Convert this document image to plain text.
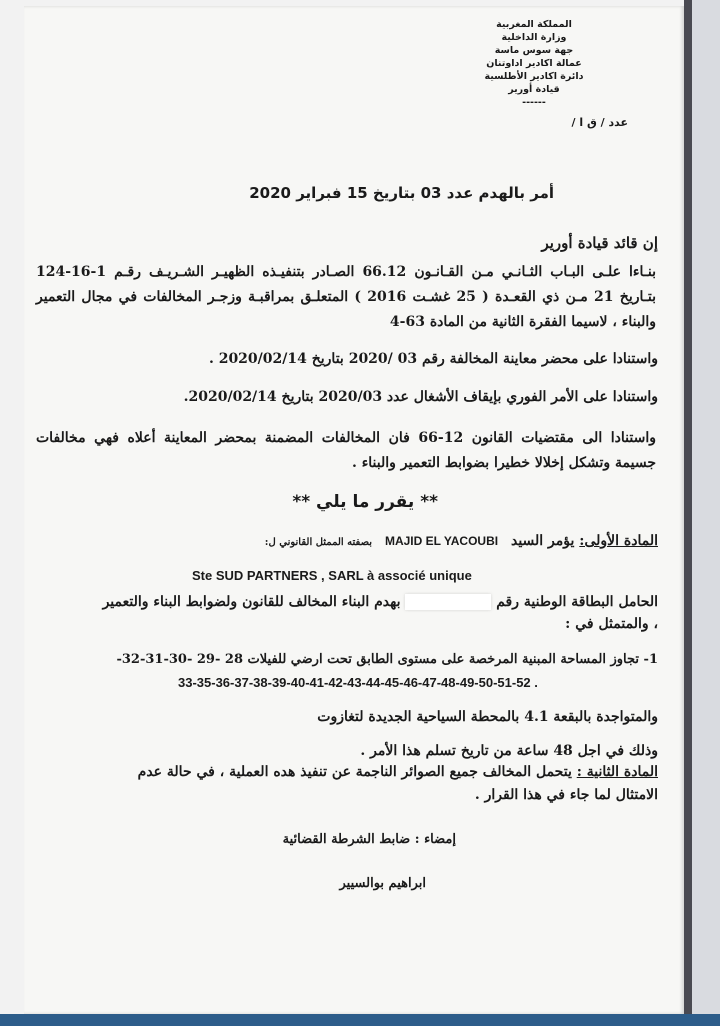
المملكة المغربية
وزارة الداخلية
جهة سوس ماسة
عمالة اكادير اداوتنان
دائرة اكادير الأطلسية
قيادة أورير
------
عدد / ق ا /
أمر بالهدم عدد 03 بتاريخ 15 فبراير 2020
إن قائد قيادة أورير
بنـاءا علـى البـاب الثـانـي مـن القـانـون 66.12 الصـادر بتنفيـذه الظهيـر الشـريـف رقـم 1-16-124 بتـاريخ 21 مـن ذي القعـدة ( 25 غشـت 2016 ) المتعلـق بمراقبـة وزجـر المخالفات في مجال التعمير والبناء ، لاسيما الفقرة الثانية من المادة 63-4
واستنادا على محضر معاينة المخالفة رقم 03 /2020 بتاريخ 2020/02/14 .
واستنادا على الأمر الفوري بإيقاف الأشغال عدد 2020/03 بتاريخ 2020/02/14.
واستنادا الى مقتضيات القانون 12-66 فان المخالفات المضمنة بمحضر المعاينة أعلاه فهي مخالفات جسيمة وتشكل إخلالا خطيرا بضوابط التعمير والبناء .
** يقرر ما يلي **
المادة الأولى: يؤمر السيد MAJID EL YACOUBI بصفته الممثل القانوني ل:
Ste SUD PARTNERS , SARL à associé unique
الحامل البطاقة الوطنية رقم  بهدم البناء المخالف للقانون ولضوابط البناء والتعمير
، والمتمثل في :
1- تجاوز المساحة المبنية المرخصة على مستوى الطابق تحت ارضي للفيلات 28 -29 -30-31-32-
33-35-36-37-38-39-40-41-42-43-44-45-46-47-48-49-50-51-52 .
والمتواجدة بالبقعة 4.1 بالمحطة السياحية الجديدة لتغازوت
وذلك في اجل 48 ساعة من تاريخ تسلم هذا الأمر .
المادة الثانية : يتحمل المخالف جميع الصوائر الناجمة عن تنفيذ هده العملية ، في حالة عدم
الامتثال لما جاء في هذا القرار .
إمضاء : ضابط الشرطة القضائية
ابراهيم بوالسيير
